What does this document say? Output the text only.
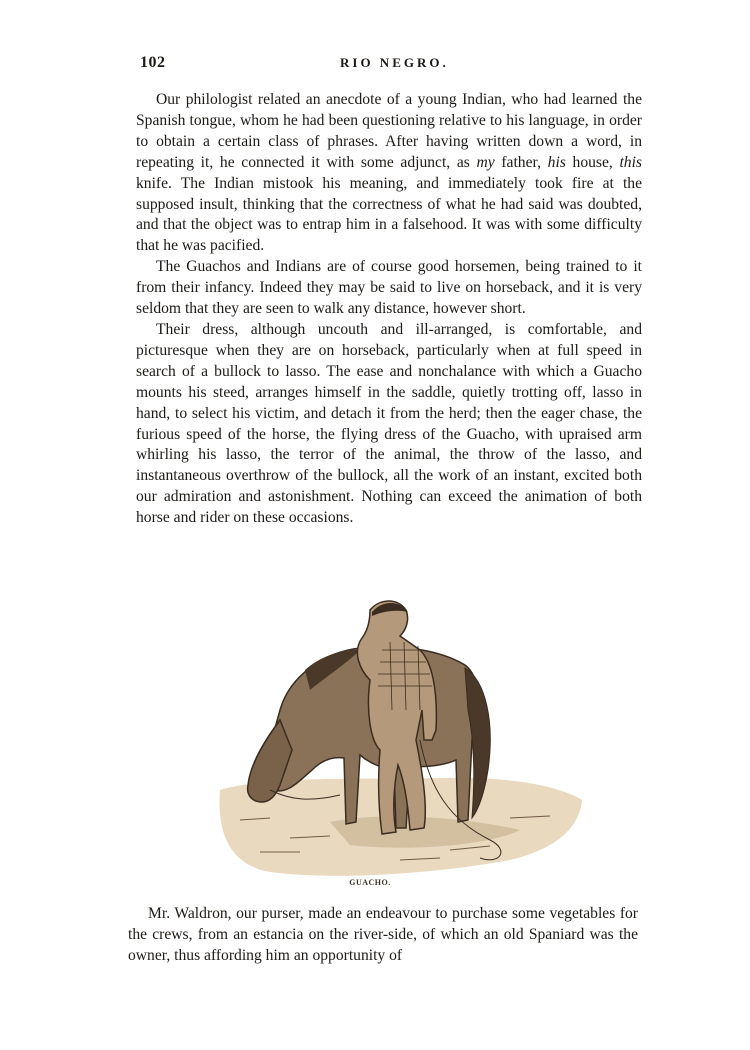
102	RIO NEGRO.

Our philologist related an anecdote of a young Indian, who had learned the Spanish tongue, whom he had been questioning relative to his language, in order to obtain a certain class of phrases. After having written down a word, in repeating it, he connected it with some adjunct, as my father, his house, this knife. The Indian mistook his meaning, and immediately took fire at the supposed insult, thinking that the correctness of what he had said was doubted, and that the object was to entrap him in a falsehood. It was with some difficulty that he was pacified.

The Guachos and Indians are of course good horsemen, being trained to it from their infancy. Indeed they may be said to live on horseback, and it is very seldom that they are seen to walk any distance, however short.

Their dress, although uncouth and ill-arranged, is comfortable, and picturesque when they are on horseback, particularly when at full speed in search of a bullock to lasso. The ease and nonchalance with which a Guacho mounts his steed, arranges himself in the saddle, quietly trotting off, lasso in hand, to select his victim, and detach it from the herd; then the eager chase, the furious speed of the horse, the flying dress of the Guacho, with upraised arm whirling his lasso, the terror of the animal, the throw of the lasso, and instantaneous overthrow of the bullock, all the work of an instant, excited both our admiration and astonishment. Nothing can exceed the animation of both horse and rider on these occasions.

GUACHO.

Mr. Waldron, our purser, made an endeavour to purchase some vegetables for the crews, from an estancia on the river-side, of which an old Spaniard was the owner, thus affording him an opportunity of
